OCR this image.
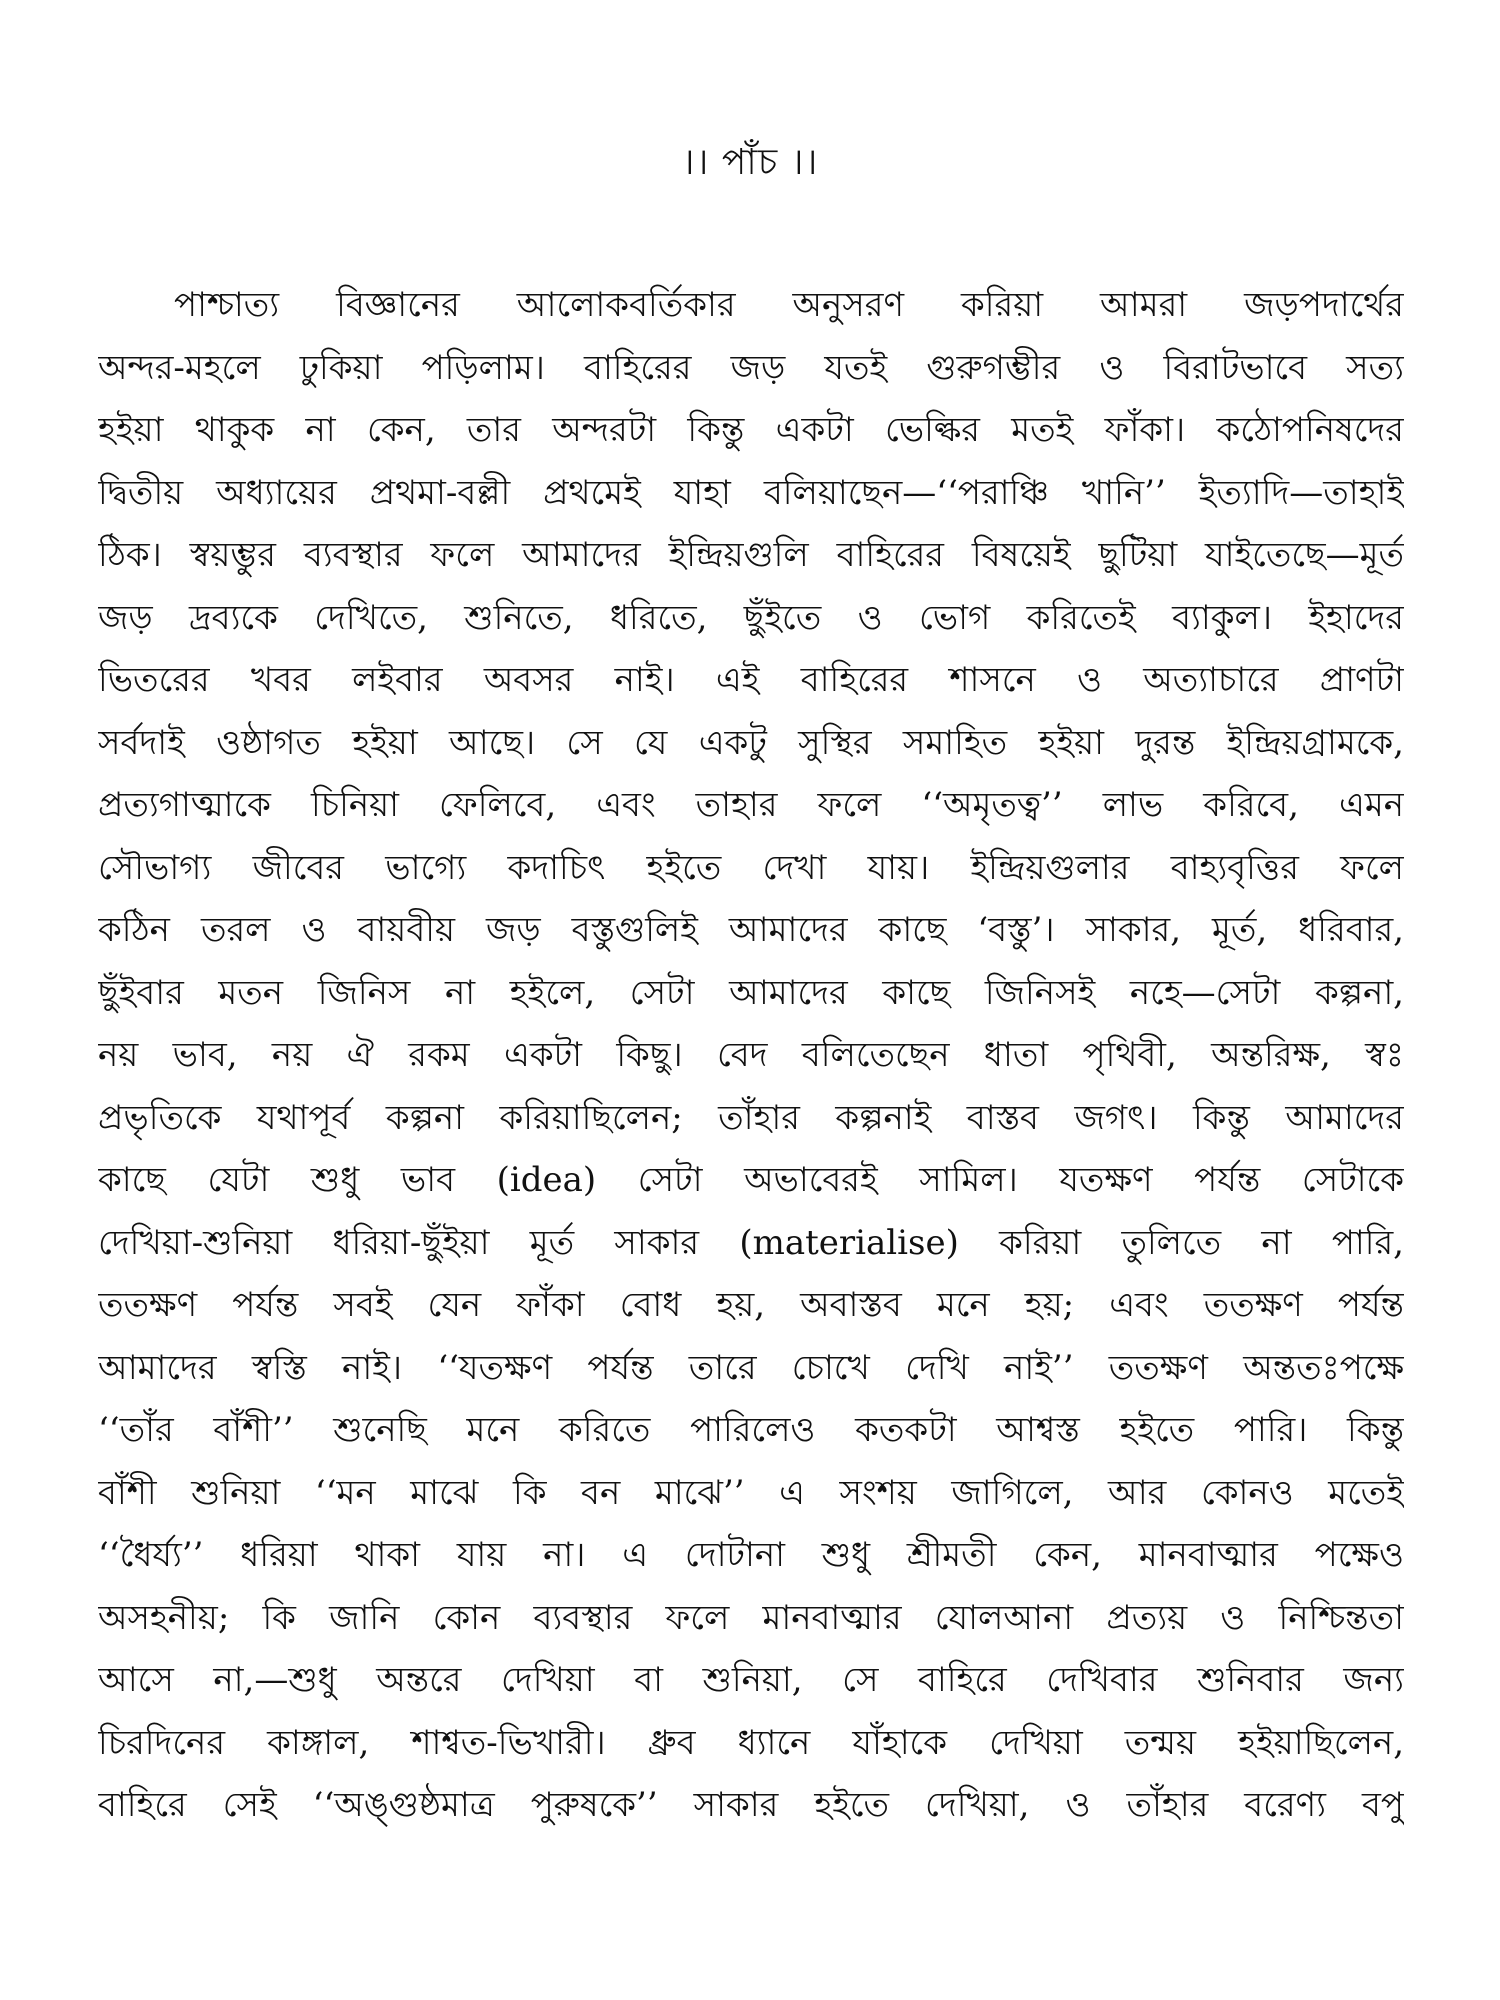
।। পাঁচ ।।
পাশ্চাত্য বিজ্ঞানের আলোকবর্তিকার অনুসরণ করিয়া আমরা জড়পদার্থের
অন্দর-মহলে ঢুকিয়া পড়িলাম। বাহিরের জড় যতই গুরুগম্ভীর ও বিরাটভাবে সত্য
হইয়া থাকুক না কেন, তার অন্দরটা কিন্তু একটা ভেল্কির মতই ফাঁকা। কঠোপনিষদের
দ্বিতীয় অধ্যায়ের প্রথমা-বল্লী প্রথমেই যাহা বলিয়াছেন—‘‘পরাঞ্চি খানি’’ ইত্যাদি—তাহাই
ঠিক। স্বয়ম্ভুর ব্যবস্থার ফলে আমাদের ইন্দ্রিয়গুলি বাহিরের বিষয়েই ছুটিয়া যাইতেছে—মূর্ত
জড় দ্রব্যকে দেখিতে, শুনিতে, ধরিতে, ছুঁইতে ও ভোগ করিতেই ব্যাকুল। ইহাদের
ভিতরের খবর লইবার অবসর নাই। এই বাহিরের শাসনে ও অত্যাচারে প্রাণটা
সর্বদাই ওষ্ঠাগত হইয়া আছে। সে যে একটু সুস্থির সমাহিত হইয়া দুরন্ত ইন্দ্রিয়গ্রামকে,
প্রত্যগাত্মাকে চিনিয়া ফেলিবে, এবং তাহার ফলে ‘‘অমৃতত্ব’’ লাভ করিবে, এমন
সৌভাগ্য জীবের ভাগ্যে কদাচিৎ হইতে দেখা যায়। ইন্দ্রিয়গুলার বাহ্যবৃত্তির ফলে
কঠিন তরল ও বায়বীয় জড় বস্তুগুলিই আমাদের কাছে ‘বস্তু’। সাকার, মূর্ত, ধরিবার,
ছুঁইবার মতন জিনিস না হইলে, সেটা আমাদের কাছে জিনিসই নহে—সেটা কল্পনা,
নয় ভাব, নয় ঐ রকম একটা কিছু। বেদ বলিতেছেন ধাতা পৃথিবী, অন্তরিক্ষ, স্বঃ
প্রভৃতিকে যথাপূর্ব কল্পনা করিয়াছিলেন; তাঁহার কল্পনাই বাস্তব জগৎ। কিন্তু আমাদের
কাছে যেটা শুধু ভাব (idea) সেটা অভাবেরই সামিল। যতক্ষণ পর্যন্ত সেটাকে
দেখিয়া-শুনিয়া ধরিয়া-ছুঁইয়া মূর্ত সাকার (materialise) করিয়া তুলিতে না পারি,
ততক্ষণ পর্যন্ত সবই যেন ফাঁকা বোধ হয়, অবাস্তব মনে হয়; এবং ততক্ষণ পর্যন্ত
আমাদের স্বস্তি নাই। ‘‘যতক্ষণ পর্যন্ত তারে চোখে দেখি নাই’’ ততক্ষণ অন্ততঃপক্ষে
‘‘তাঁর বাঁশী’’ শুনেছি মনে করিতে পারিলেও কতকটা আশ্বস্ত হইতে পারি। কিন্তু
বাঁশী শুনিয়া ‘‘মন মাঝে কি বন মাঝে’’ এ সংশয় জাগিলে, আর কোনও মতেই
‘‘ধৈর্য্য’’ ধরিয়া থাকা যায় না। এ দোটানা শুধু শ্রীমতী কেন, মানবাত্মার পক্ষেও
অসহনীয়; কি জানি কোন ব্যবস্থার ফলে মানবাত্মার যোলআনা প্রত্যয় ও নিশ্চিন্ততা
আসে না,—শুধু অন্তরে দেখিয়া বা শুনিয়া, সে বাহিরে দেখিবার শুনিবার জন্য
চিরদিনের কাঙ্গাল, শাশ্বত-ভিখারী। ধ্রুব ধ্যানে যাঁহাকে দেখিয়া তন্ময় হইয়াছিলেন,
বাহিরে সেই ‘‘অঙ্গুষ্ঠমাত্র পুরুষকে’’ সাকার হইতে দেখিয়া, ও তাঁহার বরেণ্য বপু
